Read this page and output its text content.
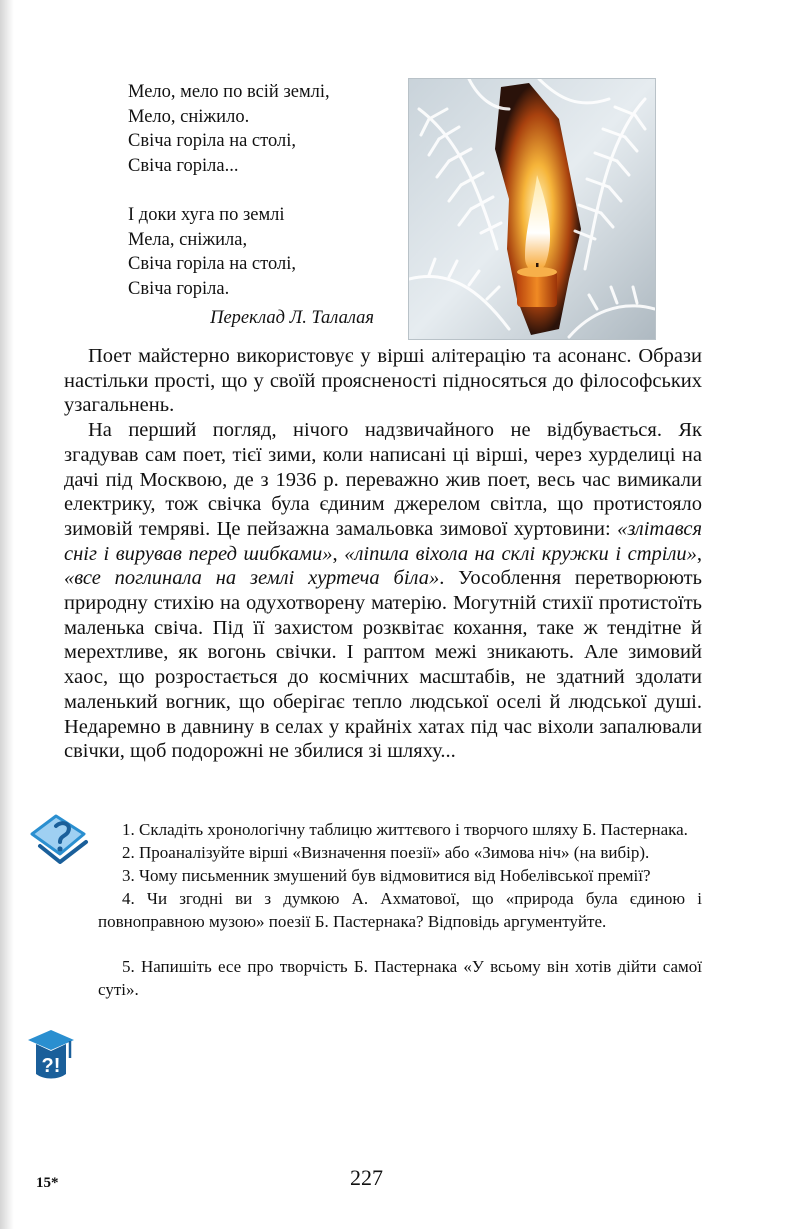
Мело, мело по всій землі,
Мело, сніжило.
Свіча горіла на столі,
Свіча горіла...
І доки хуга по землі
Мела, сніжила,
Свіча горіла на столі,
Свіча горіла.
Переклад Л. Талалая

Поет майстерно використовує у вірші алітерацію та асонанс. Образи настільки прості, що у своїй проясненості підносяться до філософських узагальнень.

На перший погляд, нічого надзвичайного не відбувається. Як згадував сам поет, тієї зими, коли написані ці вірші, через хурделиці на дачі під Москвою, де з 1936 р. переважно жив поет, весь час вимикали електрику, тож свічка була єдиним джерелом світла, що протистояло зимовій темряві. Це пейзажна замальовка зимової хуртовини: «злітався сніг і вирував перед шибками», «ліпила віхола на склі кружки і стріли», «все поглинала на землі хуртеча біла». Уособлення перетворюють природну стихію на одухотворену матерію. Могутній стихії протистоїть маленька свіча. Під її захистом розквітає кохання, таке ж тендітне й мерехтливе, як вогонь свічки. І раптом межі зникають. Але зимовий хаос, що розростається до космічних масштабів, не здатний здолати маленький вогник, що оберігає тепло людської оселі й людської душі. Недаремно в давнину в селах у крайніх хатах під час віхоли запалювали свічки, щоб подорожні не збилися зі шляху...

?!

1. Складіть хронологічну таблицю життєвого і творчого шляху Б. Пастернака.

2. Проаналізуйте вірші «Визначення поезії» або «Зимова ніч» (на вибір).

3. Чому письменник змушений був відмовитися від Нобелівської премії?

4. Чи згодні ви з думкою А. Ахматової, що «природа була єдиною і повноправною музою» поезії Б. Пастернака? Відповідь аргументуйте.

5. Напишіть есе про творчість Б. Пастернака «У всьому він хотів дійти самої суті».

15*	227
